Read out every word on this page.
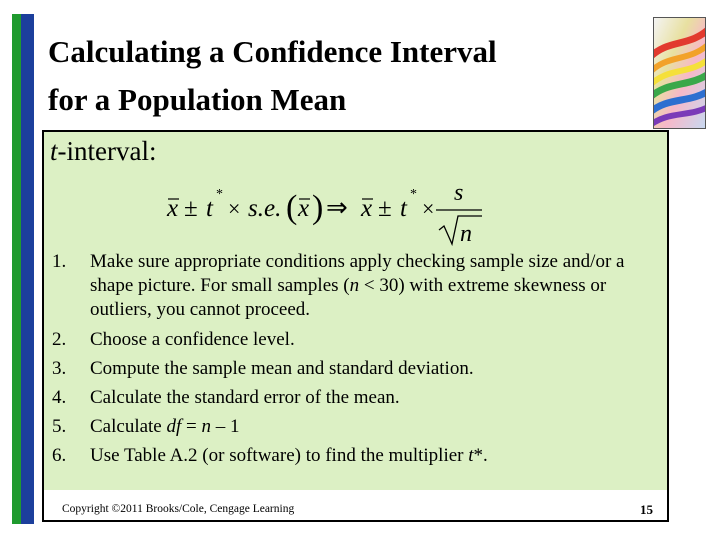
Calculating a Confidence Interval
for a Population Mean
t-interval:
x ± t
*
× s.e. ( x ) ⇒ x ± t
*
×
s
n
1. Make sure appropriate conditions apply checking sample size and/or a shape picture. For small samples (n < 30) with extreme skewness or outliers, you cannot proceed.
2. Choose a confidence level.
3. Compute the sample mean and standard deviation.
4. Calculate the standard error of the mean.
5. Calculate df = n – 1
6. Use Table A.2 (or software) to find the multiplier t*.
Copyright ©2011 Brooks/Cole, Cengage Learning	15
